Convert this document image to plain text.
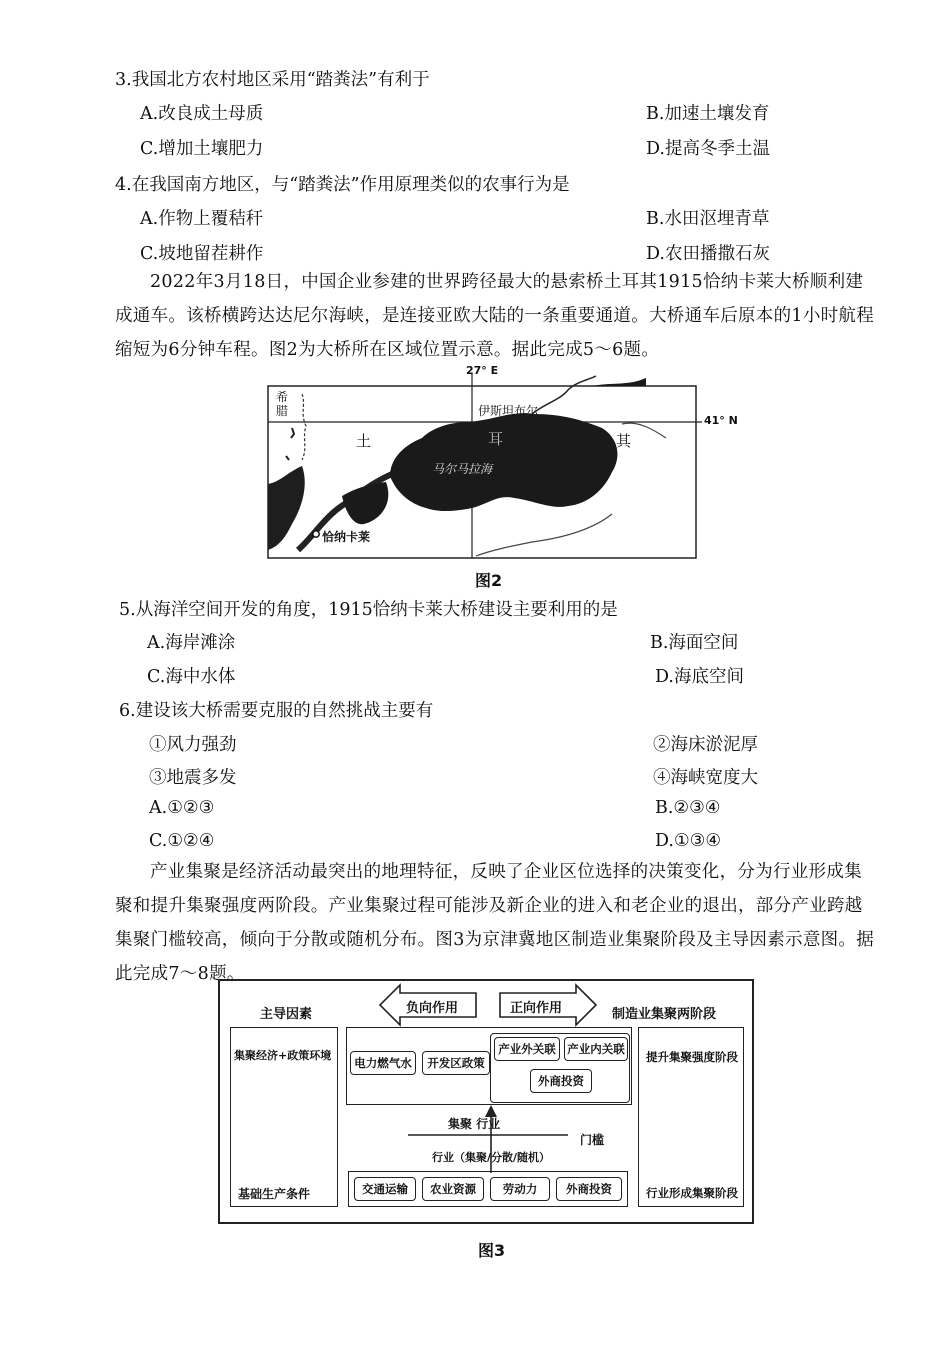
3.我国北方农村地区采用“踏粪法”有利于
A.改良成土母质	B.加速土壤发育
C.增加土壤肥力	D.提高冬季土温
4.在我国南方地区，与“踏粪法”作用原理类似的农事行为是
A.作物上覆秸秆	B.水田沤埋青草
C.坡地留茬耕作	D.农田播撒石灰
2022年3月18日，中国企业参建的世界跨径最大的悬索桥土耳其1915恰纳卡莱大桥顺利建成通车。该桥横跨达达尼尔海峡，是连接亚欧大陆的一条重要通道。大桥通车后原本的1小时航程缩短为6分钟车程。图2为大桥所在区域位置示意。据此完成5～6题。
27° E
41° N
希腊	伊斯坦布尔
土	耳	其
马尔马拉海
恰纳卡莱
图2
5.从海洋空间开发的角度，1915恰纳卡莱大桥建设主要利用的是
A.海岸滩涂	B.海面空间
C.海中水体	D.海底空间
6.建设该大桥需要克服的自然挑战主要有
①风力强劲	②海床淤泥厚
③地震多发	④海峡宽度大
A.①②③	B.②③④
C.①②④	D.①③④
产业集聚是经济活动最突出的地理特征，反映了企业区位选择的决策变化，分为行业形成集聚和提升集聚强度两阶段。产业集聚过程可能涉及新企业的进入和老企业的退出，部分产业跨越集聚门槛较高，倾向于分散或随机分布。图3为京津冀地区制造业集聚阶段及主导因素示意图。据此完成7～8题。
主导因素	制造业集聚两阶段
负向作用	正向作用
集聚经济+政策环境
基础生产条件
提升集聚强度阶段
行业形成集聚阶段
电力燃气水	开发区政策
产业外关联	产业内关联
外商投资
集聚 行业
门槛
行业（集聚/分散/随机）
交通运输	农业资源	劳动力	外商投资
图3
